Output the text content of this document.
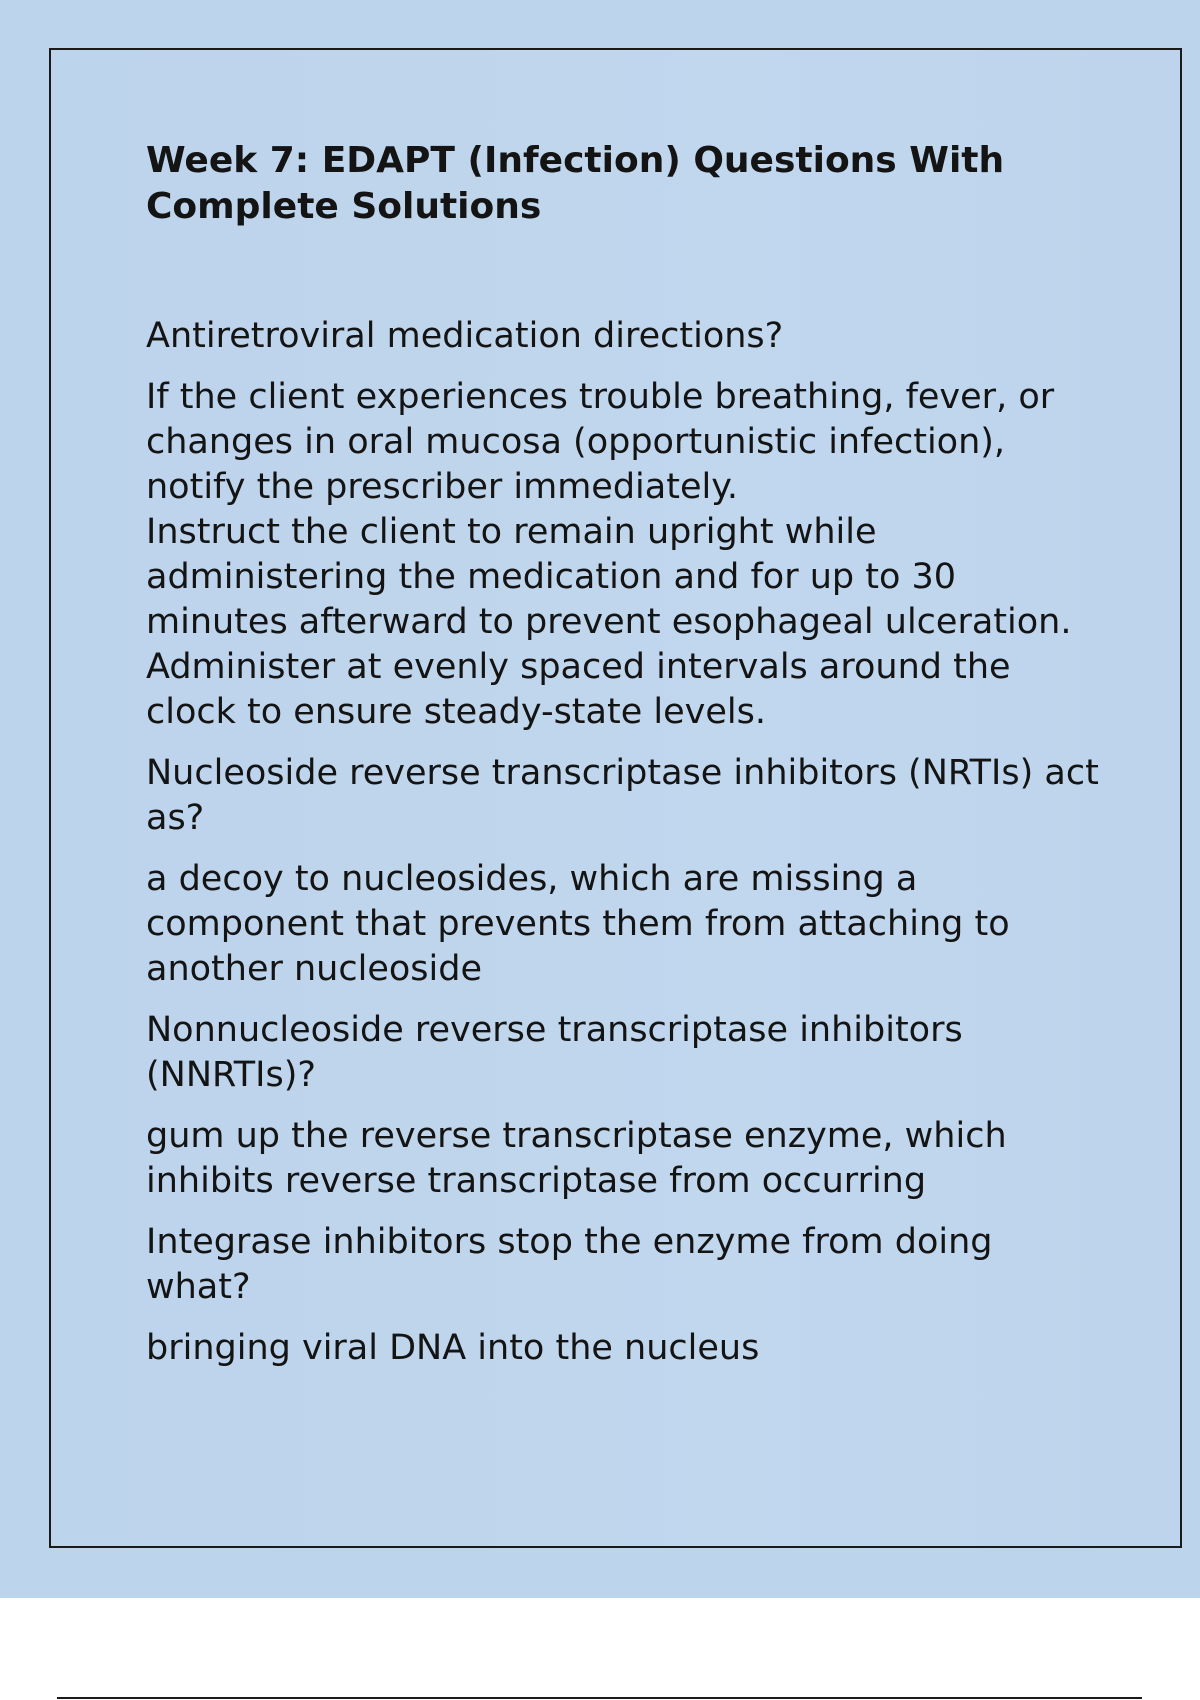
Week 7: EDAPT (Infection) Questions With
Complete Solutions

Antiretroviral medication directions?

If the client experiences trouble breathing, fever, or changes in oral mucosa (opportunistic infection), notify the prescriber immediately.

Instruct the client to remain upright while administering the medication and for up to 30 minutes afterward to prevent esophageal ulceration.

Administer at evenly spaced intervals around the clock to ensure steady-state levels.

Nucleoside reverse transcriptase inhibitors (NRTIs) act as?

a decoy to nucleosides, which are missing a component that prevents them from attaching to another nucleoside

Nonnucleoside reverse transcriptase inhibitors (NNRTIs)?

gum up the reverse transcriptase enzyme, which inhibits reverse transcriptase from occurring

Integrase inhibitors stop the enzyme from doing what?

bringing viral DNA into the nucleus
